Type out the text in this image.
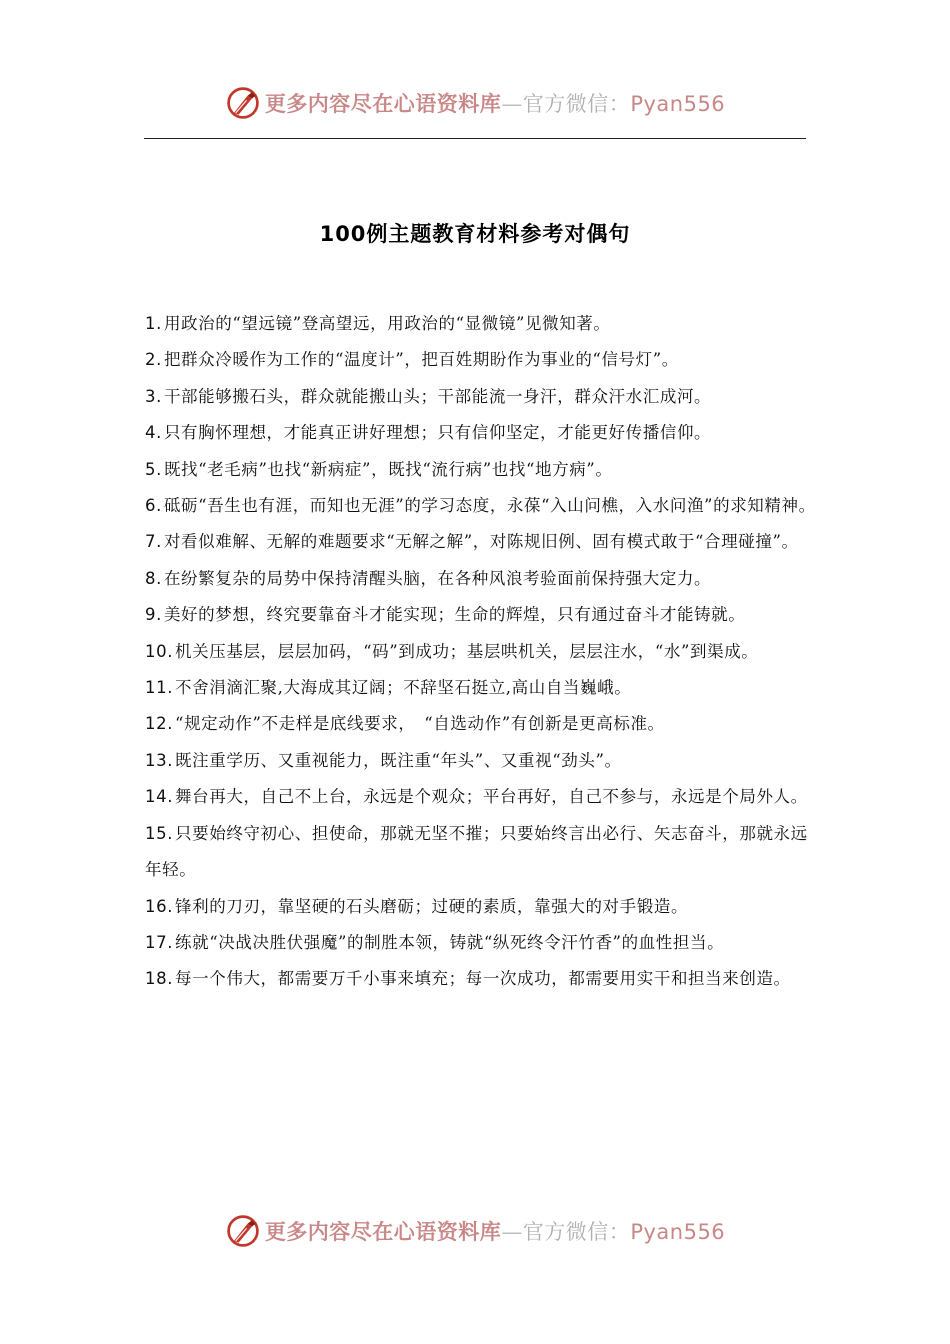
更多内容尽在心语资料库—官方微信：Pyan556
100例主题教育材料参考对偶句

1. 用政治的“望远镜”登高望远，用政治的“显微镜”见微知著。

2. 把群众冷暖作为工作的“温度计”，把百姓期盼作为事业的“信号灯”。

3. 干部能够搬石头，群众就能搬山头；干部能流一身汗，群众汗水汇成河。

4. 只有胸怀理想，才能真正讲好理想；只有信仰坚定，才能更好传播信仰。

5. 既找“老毛病”也找“新病症”，既找“流行病”也找“地方病”。

6. 砥砺“吾生也有涯，而知也无涯”的学习态度，永葆“入山问樵，入水问渔”的求知精神。

7. 对看似难解、无解的难题要求“无解之解”，对陈规旧例、固有模式敢于“合理碰撞”。

8. 在纷繁复杂的局势中保持清醒头脑，在各种风浪考验面前保持强大定力。

9. 美好的梦想，终究要靠奋斗才能实现；生命的辉煌，只有通过奋斗才能铸就。

10. 机关压基层，层层加码，“码”到成功；基层哄机关，层层注水，“水”到渠成。

11. 不舍涓滴汇聚,大海成其辽阔；不辞坚石挺立,高山自当巍峨。

12. “规定动作”不走样是底线要求，　“自选动作”有创新是更高标准。

13. 既注重学历、又重视能力，既注重“年头”、又重视“劲头”。

14. 舞台再大，自己不上台，永远是个观众；平台再好，自己不参与，永远是个局外人。

15. 只要始终守初心、担使命，那就无坚不摧；只要始终言出必行、矢志奋斗，那就永远年轻。

16. 锋利的刀刃，靠坚硬的石头磨砺；过硬的素质，靠强大的对手锻造。

17. 练就“决战决胜伏强魔”的制胜本领，铸就“纵死终令汗竹香”的血性担当。

18. 每一个伟大，都需要万千小事来填充；每一次成功，都需要用实干和担当来创造。

更多内容尽在心语资料库—官方微信：Pyan556
